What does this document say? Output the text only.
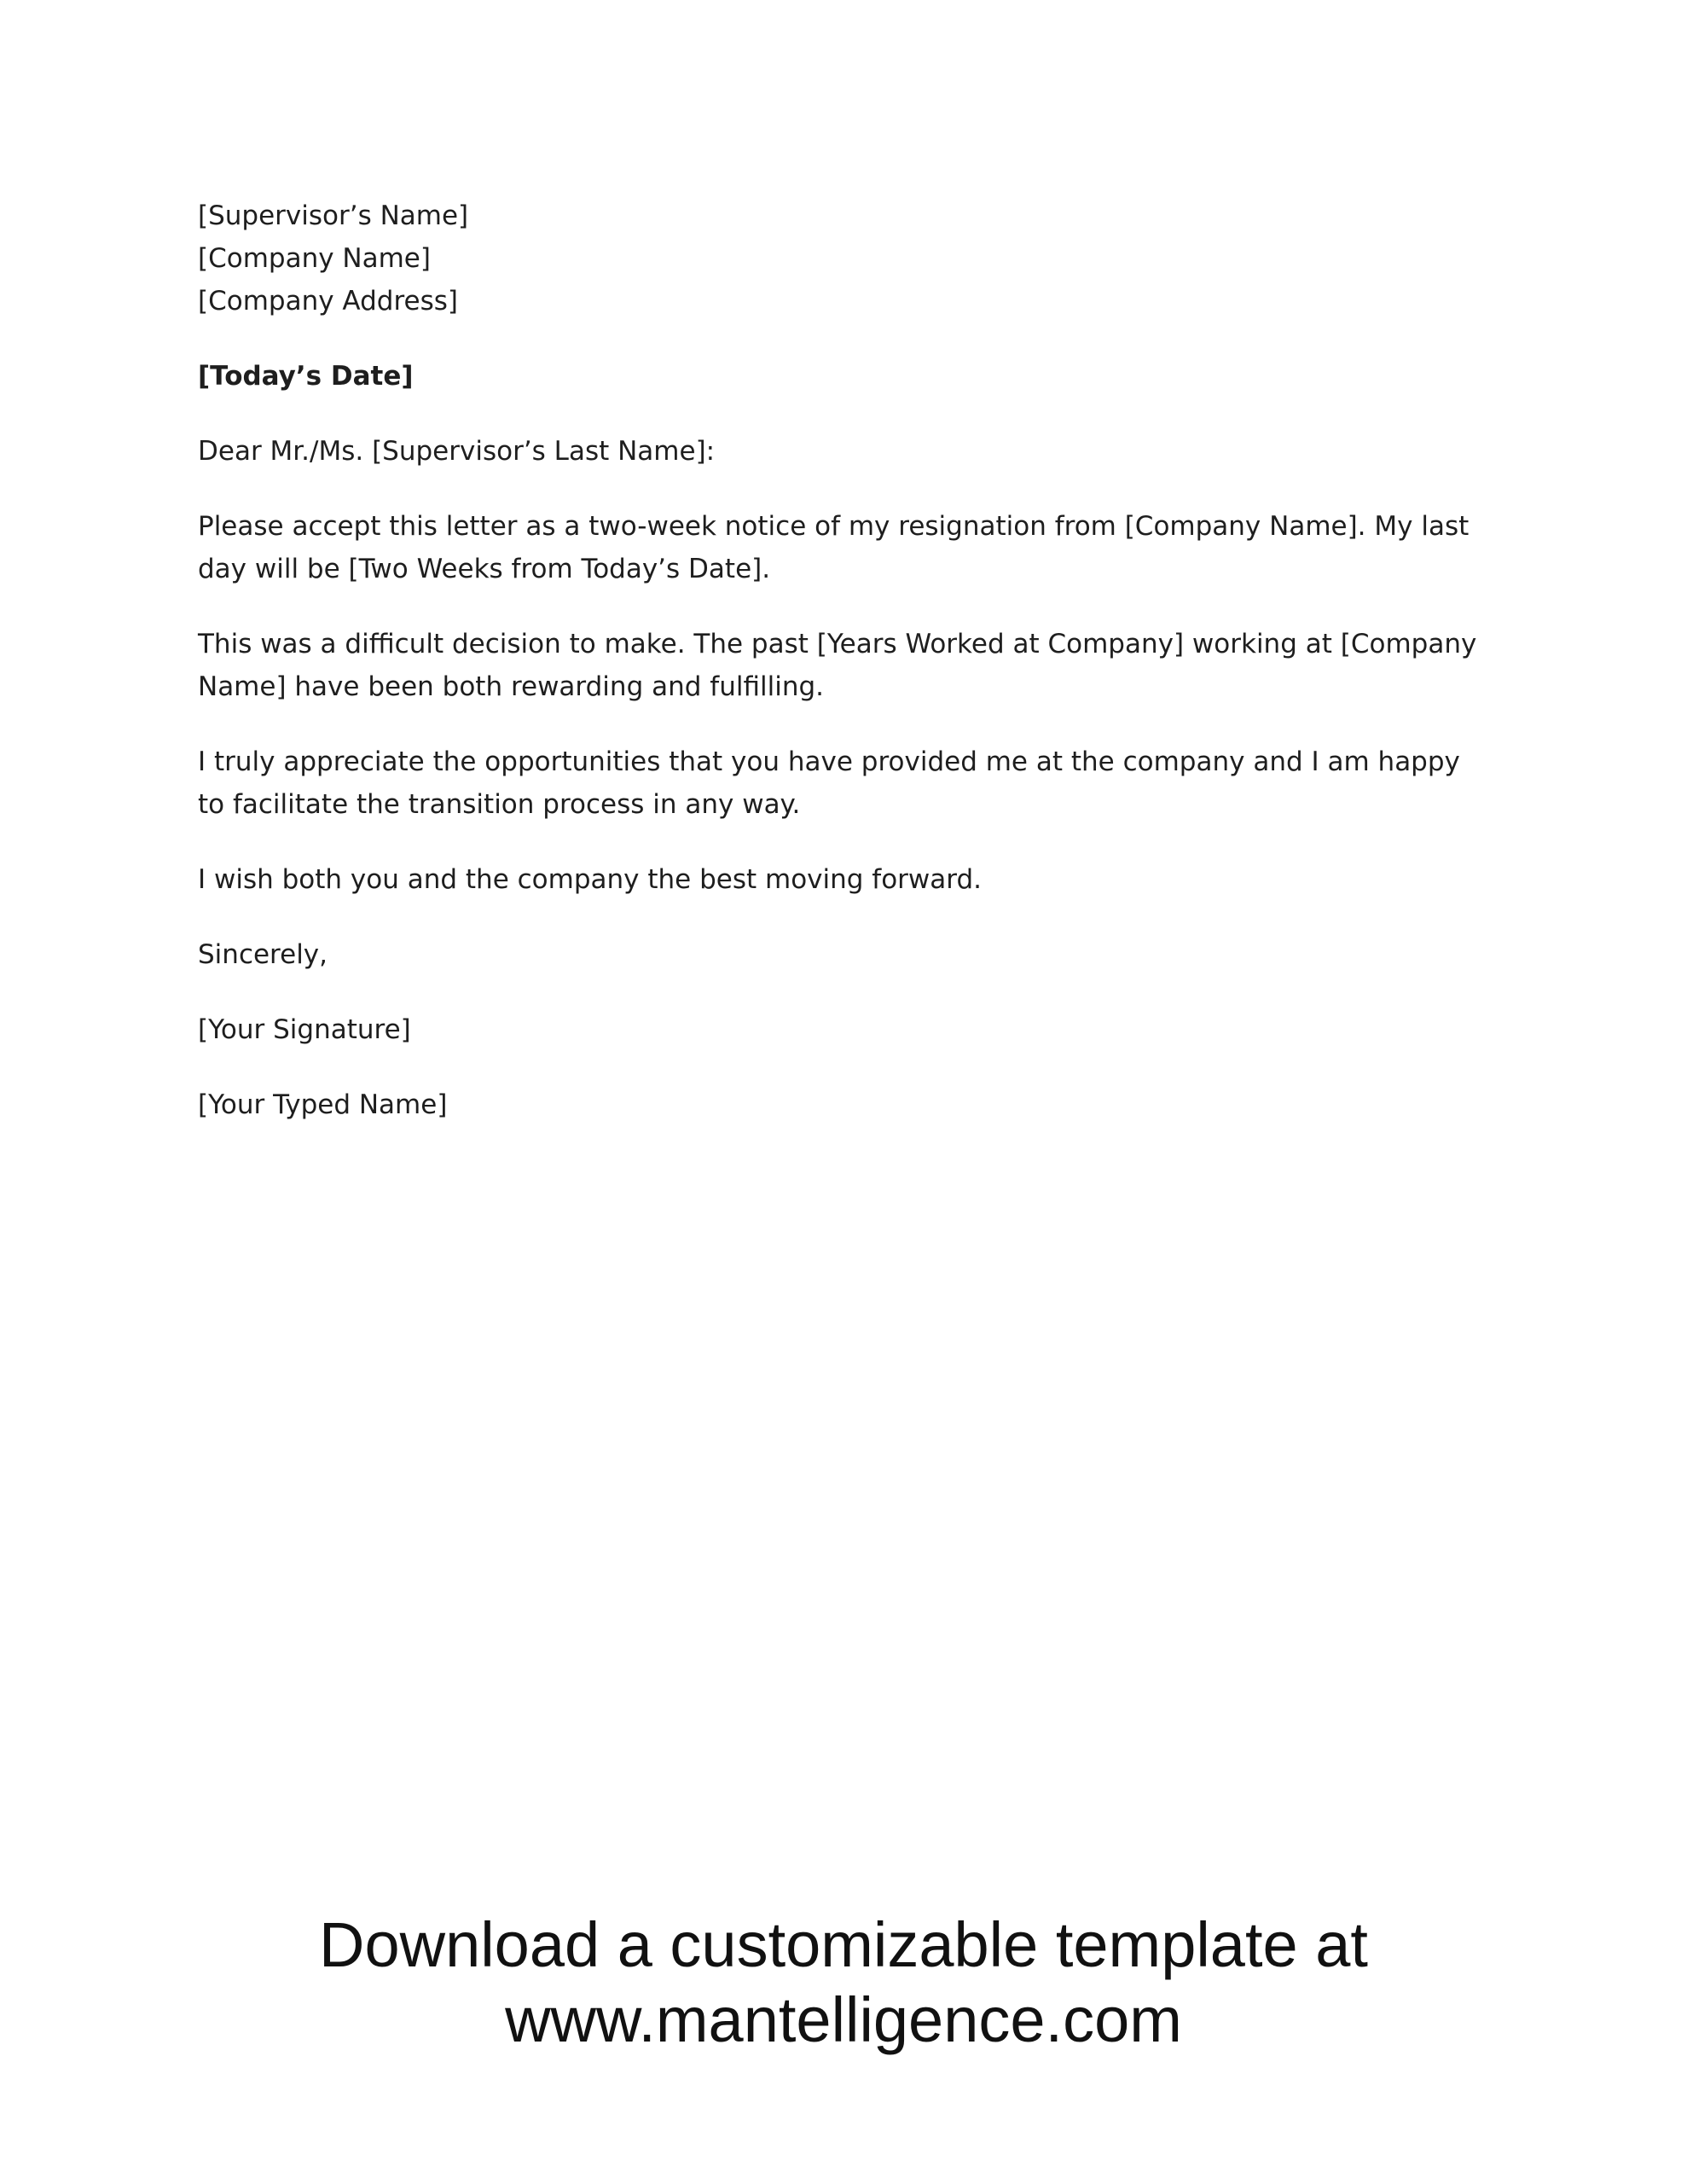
[Supervisor’s Name]
[Company Name]
[Company Address]

[Today’s Date]

Dear Mr./Ms. [Supervisor’s Last Name]:

Please accept this letter as a two-week notice of my resignation from [Company Name]. My last day will be [Two Weeks from Today’s Date].

This was a difficult decision to make. The past [Years Worked at Company] working at [Company Name] have been both rewarding and fulfilling.

I truly appreciate the opportunities that you have provided me at the company and I am happy to facilitate the transition process in any way.

I wish both you and the company the best moving forward.

Sincerely,

[Your Signature]

[Your Typed Name]

Download a customizable template at
www.mantelligence.com
